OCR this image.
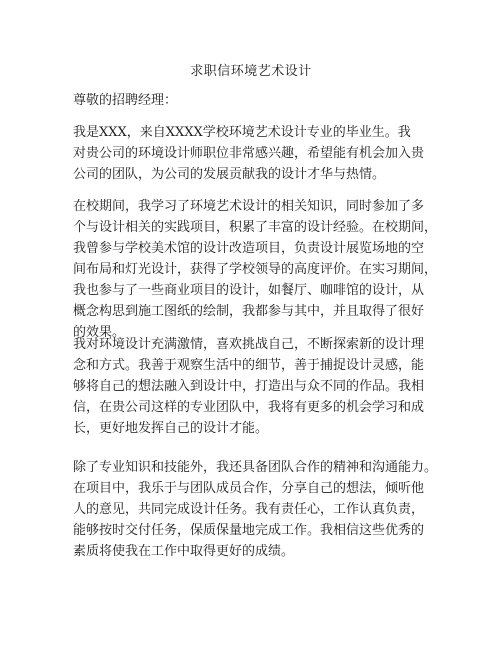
求职信环境艺术设计

尊敬的招聘经理：

我是XXX，来自XXXX学校环境艺术设计专业的毕业生。我
对贵公司的环境设计师职位非常感兴趣，希望能有机会加入贵
公司的团队，为公司的发展贡献我的设计才华与热情。

在校期间，我学习了环境艺术设计的相关知识，同时参加了多
个与设计相关的实践项目，积累了丰富的设计经验。在校期间，
我曾参与学校美术馆的设计改造项目，负责设计展览场地的空
间布局和灯光设计，获得了学校领导的高度评价。在实习期间，
我也参与了一些商业项目的设计，如餐厅、咖啡馆的设计，从
概念构思到施工图纸的绘制，我都参与其中，并且取得了很好
的效果。

我对环境设计充满激情，喜欢挑战自己，不断探索新的设计理
念和方式。我善于观察生活中的细节，善于捕捉设计灵感，能
够将自己的想法融入到设计中，打造出与众不同的作品。我相
信，在贵公司这样的专业团队中，我将有更多的机会学习和成
长，更好地发挥自己的设计才能。

除了专业知识和技能外，我还具备团队合作的精神和沟通能力。
在项目中，我乐于与团队成员合作，分享自己的想法，倾听他
人的意见，共同完成设计任务。我有责任心，工作认真负责，
能够按时交付任务，保质保量地完成工作。我相信这些优秀的
素质将使我在工作中取得更好的成绩。
